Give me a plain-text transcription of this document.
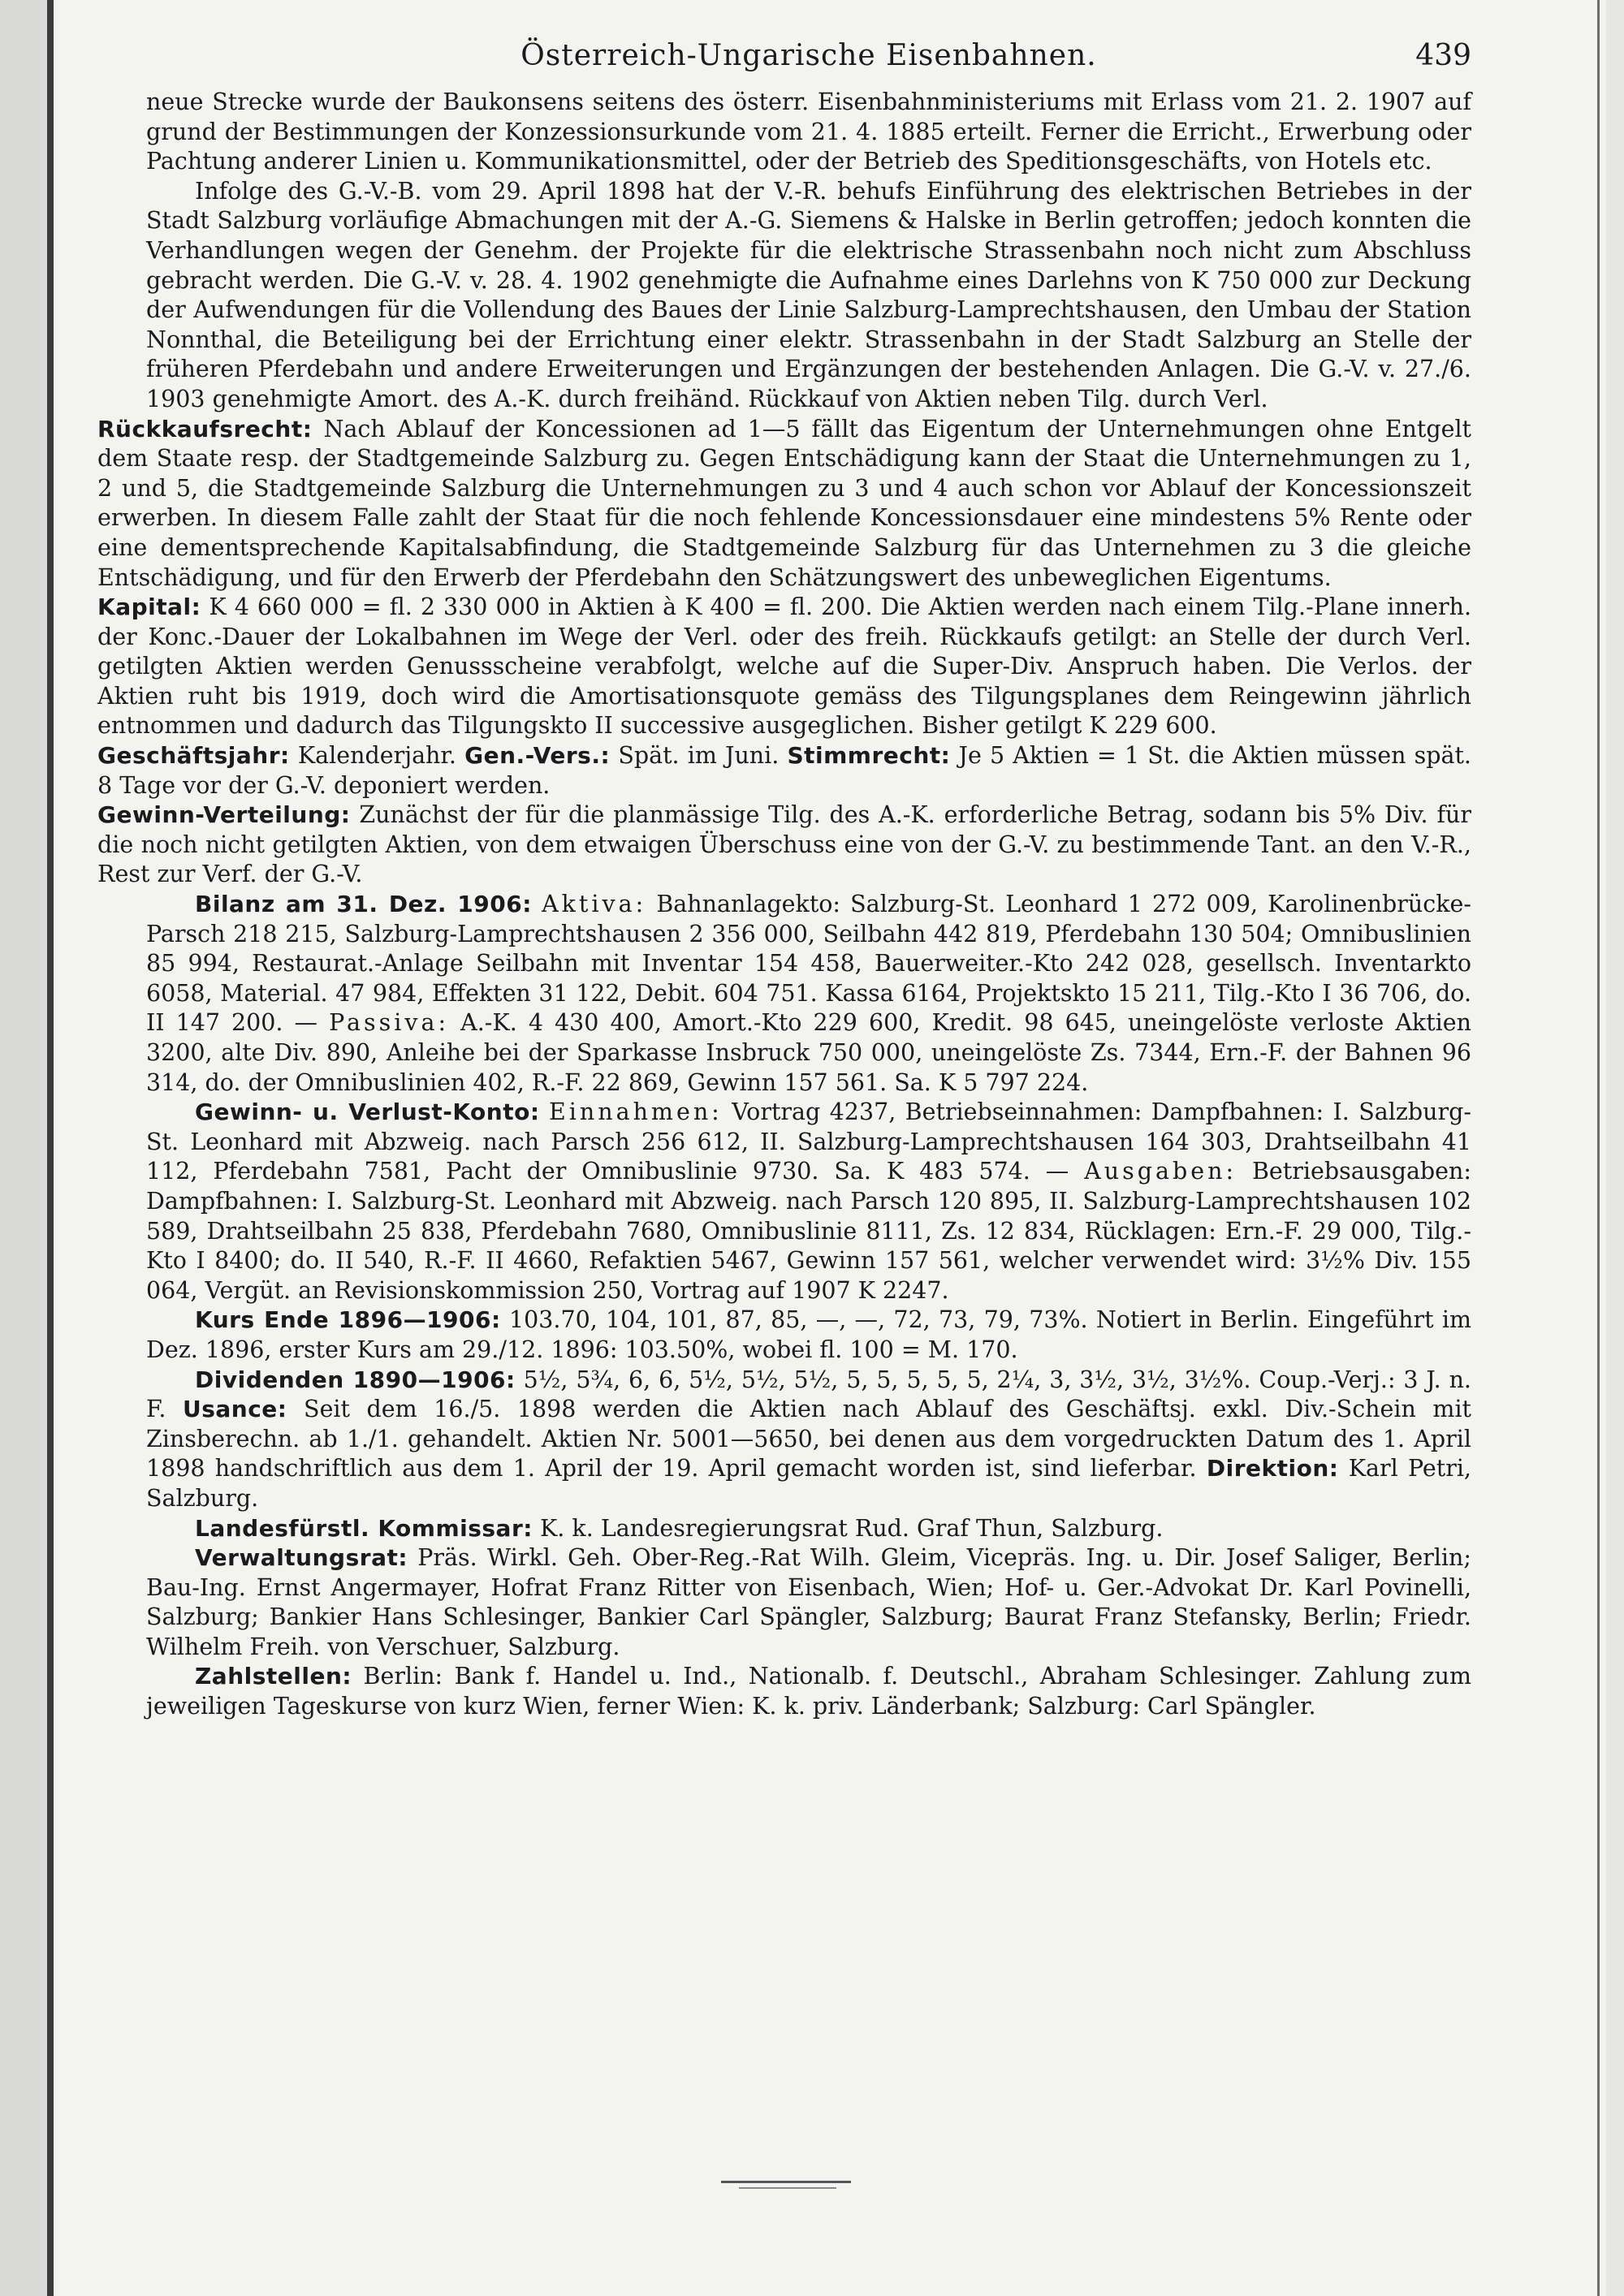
Österreich-Ungarische Eisenbahnen.	439

neue Strecke wurde der Baukonsens seitens des österr. Eisenbahnministeriums mit Erlass vom 21. 2. 1907 auf grund der Bestimmungen der Konzessionsurkunde vom 21. 4. 1885 erteilt. Ferner die Erricht., Erwerbung oder Pachtung anderer Linien u. Kommunikationsmittel, oder der Betrieb des Speditionsgeschäfts, von Hotels etc.

Infolge des G.-V.-B. vom 29. April 1898 hat der V.-R. behufs Einführung des elektrischen Betriebes in der Stadt Salzburg vorläufige Abmachungen mit der A.-G. Siemens & Halske in Berlin getroffen; jedoch konnten die Verhandlungen wegen der Genehm. der Projekte für die elektrische Strassenbahn noch nicht zum Abschluss gebracht werden. Die G.-V. v. 28. 4. 1902 genehmigte die Aufnahme eines Darlehns von K 750 000 zur Deckung der Aufwendungen für die Vollendung des Baues der Linie Salzburg-Lamprechtshausen, den Umbau der Station Nonnthal, die Beteiligung bei der Errichtung einer elektr. Strassenbahn in der Stadt Salzburg an Stelle der früheren Pferdebahn und andere Erweiterungen und Ergänzungen der bestehenden Anlagen. Die G.-V. v. 27./6. 1903 genehmigte Amort. des A.-K. durch freihänd. Rückkauf von Aktien neben Tilg. durch Verl.

Rückkaufsrecht: Nach Ablauf der Koncessionen ad 1—5 fällt das Eigentum der Unternehmungen ohne Entgelt dem Staate resp. der Stadtgemeinde Salzburg zu. Gegen Entschädigung kann der Staat die Unternehmungen zu 1, 2 und 5, die Stadtgemeinde Salzburg die Unternehmungen zu 3 und 4 auch schon vor Ablauf der Koncessionszeit erwerben. In diesem Falle zahlt der Staat für die noch fehlende Koncessionsdauer eine mindestens 5% Rente oder eine dementsprechende Kapitalsabfindung, die Stadtgemeinde Salzburg für das Unternehmen zu 3 die gleiche Entschädigung, und für den Erwerb der Pferdebahn den Schätzungswert des unbeweglichen Eigentums.

Kapital: K 4 660 000 = fl. 2 330 000 in Aktien à K 400 = fl. 200. Die Aktien werden nach einem Tilg.-Plane innerh. der Konc.-Dauer der Lokalbahnen im Wege der Verl. oder des freih. Rückkaufs getilgt: an Stelle der durch Verl. getilgten Aktien werden Genussscheine verabfolgt, welche auf die Super-Div. Anspruch haben. Die Verlos. der Aktien ruht bis 1919, doch wird die Amortisationsquote gemäss des Tilgungsplanes dem Reingewinn jährlich entnommen und dadurch das Tilgungskto II successive ausgeglichen. Bisher getilgt K 229 600.

Geschäftsjahr: Kalenderjahr. Gen.-Vers.: Spät. im Juni. Stimmrecht: Je 5 Aktien = 1 St. die Aktien müssen spät. 8 Tage vor der G.-V. deponiert werden.

Gewinn-Verteilung: Zunächst der für die planmässige Tilg. des A.-K. erforderliche Betrag, sodann bis 5% Div. für die noch nicht getilgten Aktien, von dem etwaigen Überschuss eine von der G.-V. zu bestimmende Tant. an den V.-R., Rest zur Verf. der G.-V.

Bilanz am 31. Dez. 1906: Aktiva: Bahnanlagekto: Salzburg-St. Leonhard 1 272 009, Karolinenbrücke-Parsch 218 215, Salzburg-Lamprechtshausen 2 356 000, Seilbahn 442 819, Pferdebahn 130 504; Omnibuslinien 85 994, Restaurat.-Anlage Seilbahn mit Inventar 154 458, Bauerweiter.-Kto 242 028, gesellsch. Inventarkto 6058, Material. 47 984, Effekten 31 122, Debit. 604 751. Kassa 6164, Projektskto 15 211, Tilg.-Kto I 36 706, do. II 147 200. — Passiva: A.-K. 4 430 400, Amort.-Kto 229 600, Kredit. 98 645, uneingelöste verloste Aktien 3200, alte Div. 890, Anleihe bei der Sparkasse Insbruck 750 000, uneingelöste Zs. 7344, Ern.-F. der Bahnen 96 314, do. der Omnibuslinien 402, R.-F. 22 869, Gewinn 157 561. Sa. K 5 797 224.

Gewinn- u. Verlust-Konto: Einnahmen: Vortrag 4237, Betriebseinnahmen: Dampfbahnen: I. Salzburg-St. Leonhard mit Abzweig. nach Parsch 256 612, II. Salzburg-Lamprechtshausen 164 303, Drahtseilbahn 41 112, Pferdebahn 7581, Pacht der Omnibuslinie 9730. Sa. K 483 574. — Ausgaben: Betriebsausgaben: Dampfbahnen: I. Salzburg-St. Leonhard mit Abzweig. nach Parsch 120 895, II. Salzburg-Lamprechtshausen 102 589, Drahtseilbahn 25 838, Pferdebahn 7680, Omnibuslinie 8111, Zs. 12 834, Rücklagen: Ern.-F. 29 000, Tilg.-Kto I 8400; do. II 540, R.-F. II 4660, Refaktien 5467, Gewinn 157 561, welcher verwendet wird: 3½% Div. 155 064, Vergüt. an Revisionskommission 250, Vortrag auf 1907 K 2247.

Kurs Ende 1896—1906: 103.70, 104, 101, 87, 85, —, —, 72, 73, 79, 73%. Notiert in Berlin. Eingeführt im Dez. 1896, erster Kurs am 29./12. 1896: 103.50%, wobei fl. 100 = M. 170.

Dividenden 1890—1906: 5½, 5¾, 6, 6, 5½, 5½, 5½, 5, 5, 5, 5, 5, 2¼, 3, 3½, 3½, 3½%. Coup.-Verj.: 3 J. n. F. Usance: Seit dem 16./5. 1898 werden die Aktien nach Ablauf des Geschäftsj. exkl. Div.-Schein mit Zinsberechn. ab 1./1. gehandelt. Aktien Nr. 5001—5650, bei denen aus dem vorgedruckten Datum des 1. April 1898 handschriftlich aus dem 1. April der 19. April gemacht worden ist, sind lieferbar. Direktion: Karl Petri, Salzburg.

Landesfürstl. Kommissar: K. k. Landesregierungsrat Rud. Graf Thun, Salzburg.

Verwaltungsrat: Präs. Wirkl. Geh. Ober-Reg.-Rat Wilh. Gleim, Vicepräs. Ing. u. Dir. Josef Saliger, Berlin; Bau-Ing. Ernst Angermayer, Hofrat Franz Ritter von Eisenbach, Wien; Hof- u. Ger.-Advokat Dr. Karl Povinelli, Salzburg; Bankier Hans Schlesinger, Bankier Carl Spängler, Salzburg; Baurat Franz Stefansky, Berlin; Friedr. Wilhelm Freih. von Verschuer, Salzburg.

Zahlstellen: Berlin: Bank f. Handel u. Ind., Nationalb. f. Deutschl., Abraham Schlesinger. Zahlung zum jeweiligen Tageskurse von kurz Wien, ferner Wien: K. k. priv. Länderbank; Salzburg: Carl Spängler.
